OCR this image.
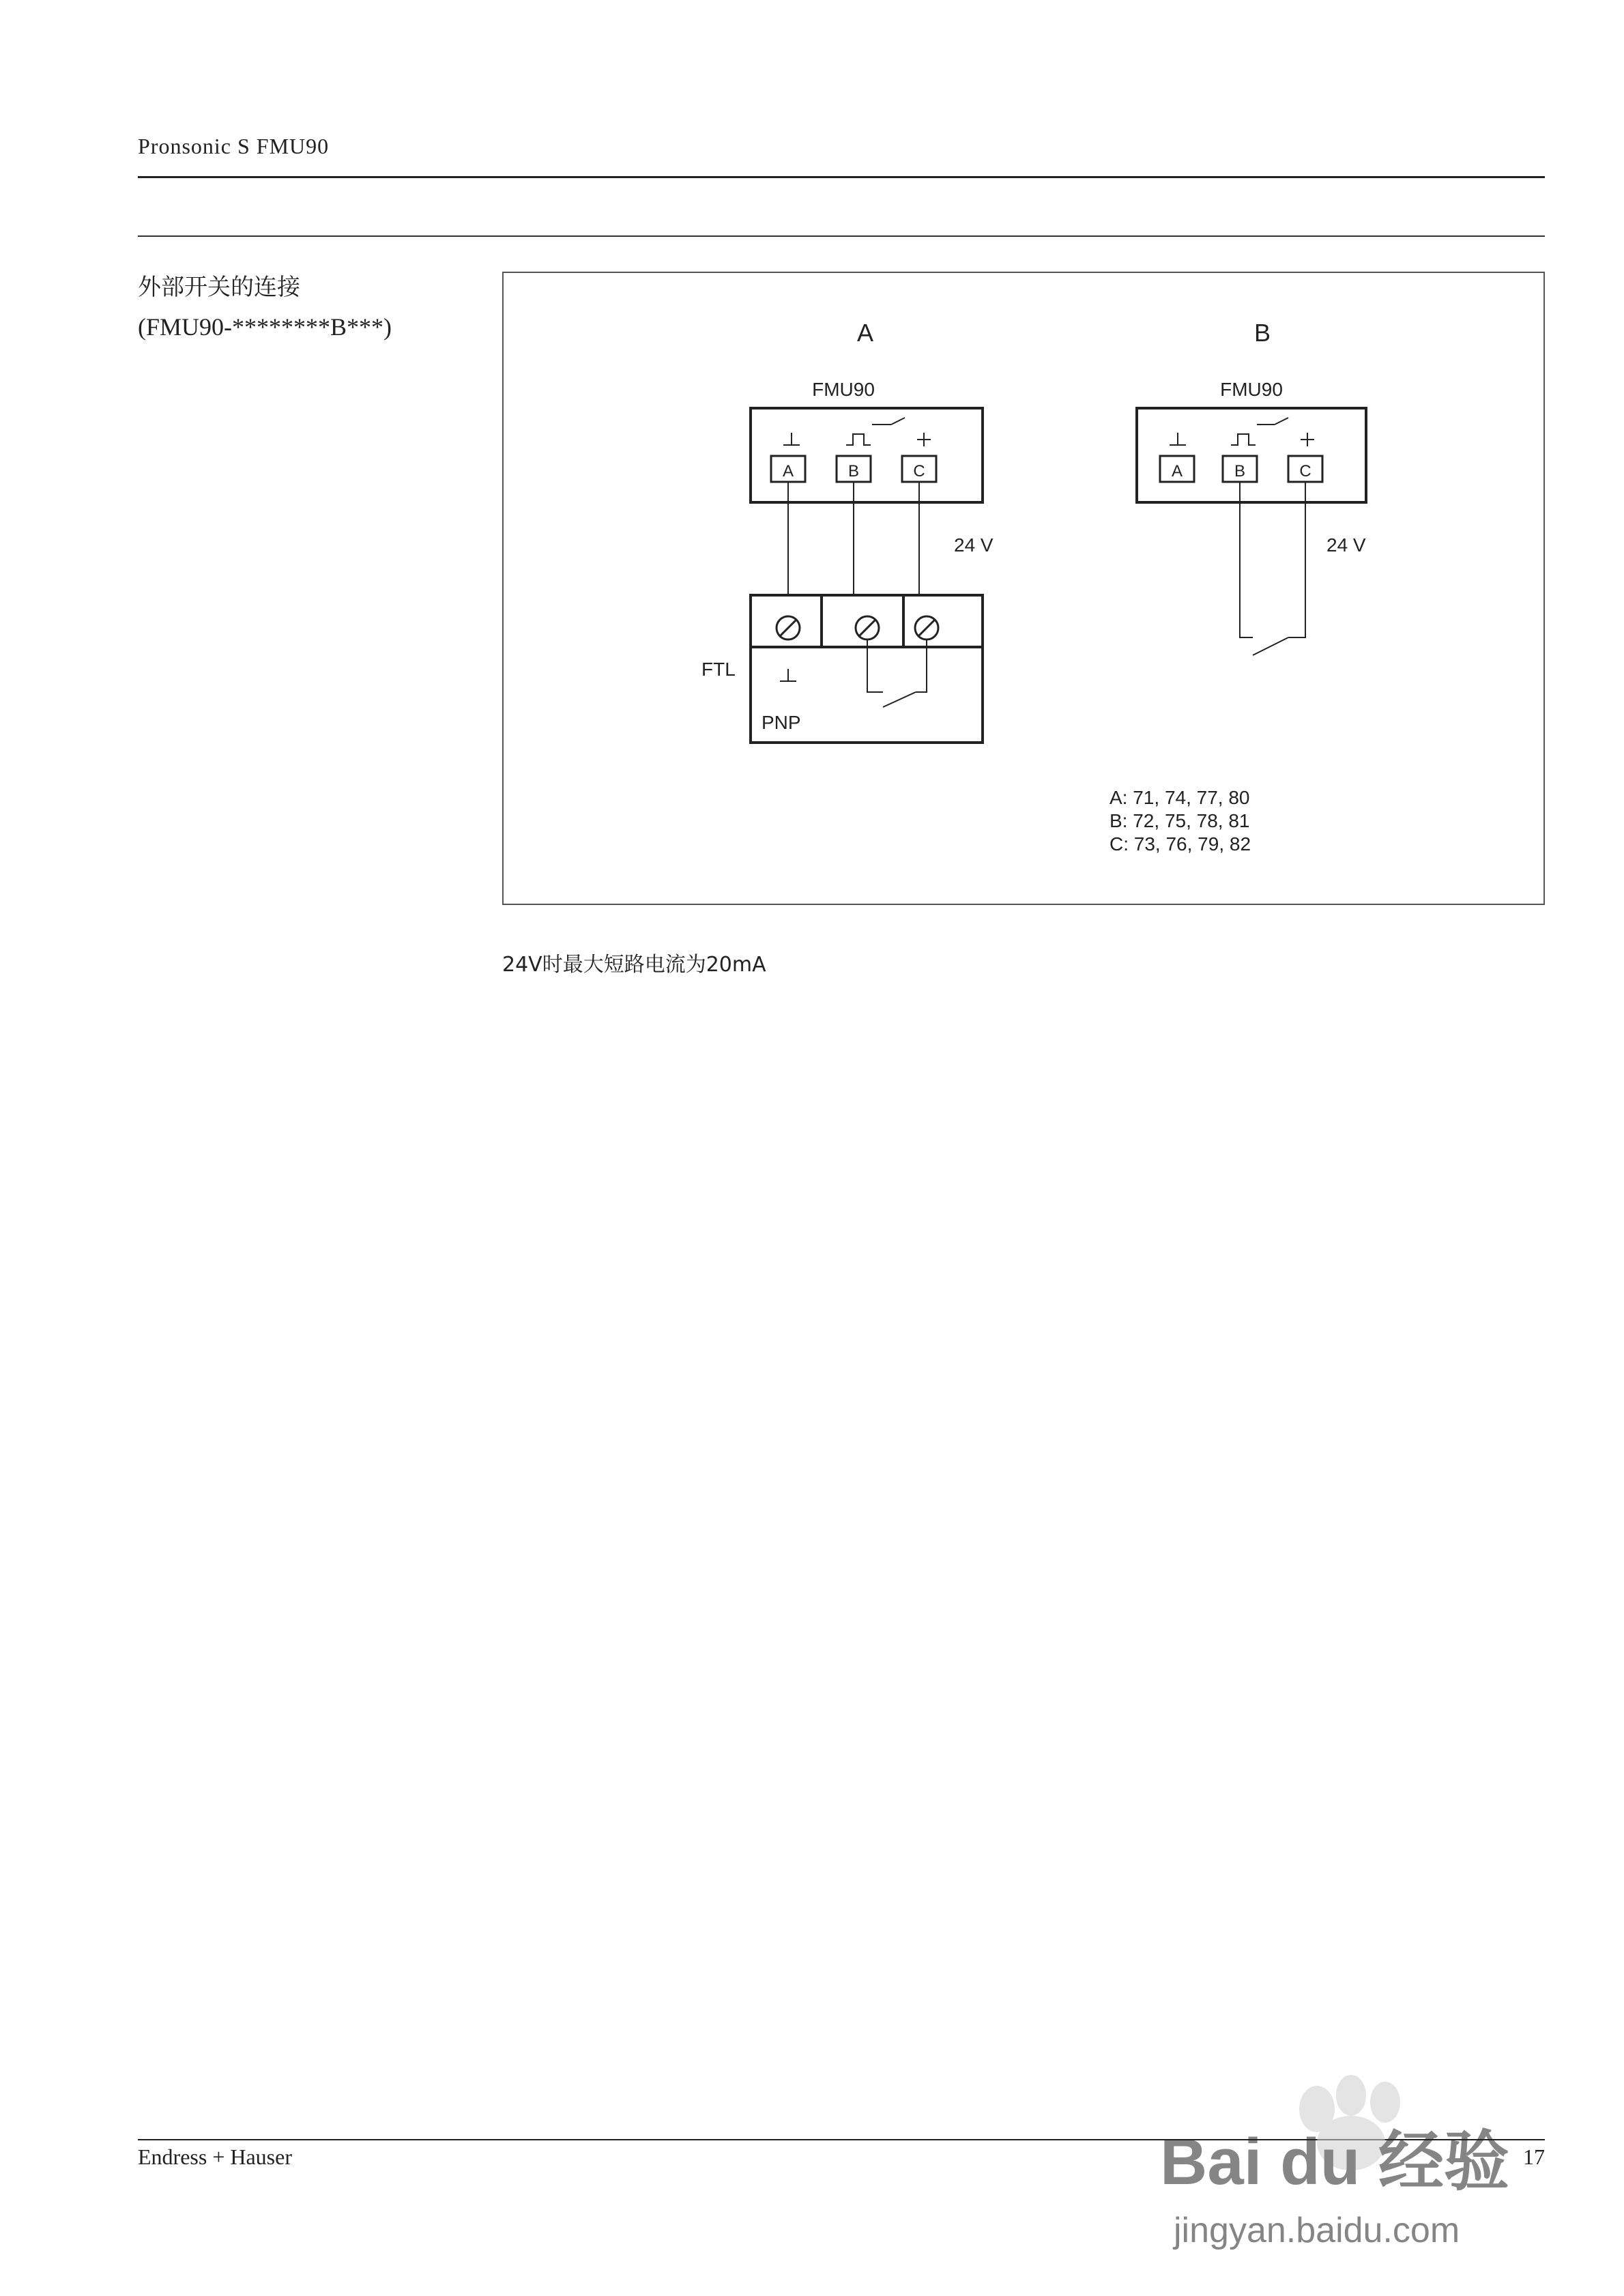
Pronsonic S FMU90
外部开关的连接
(FMU90-********B***)	A
FMU90
A	B	C
24 V
FTL
PNP
B
FMU90
A	B	C
24 V
A: 71, 74, 77, 80
B: 72, 75, 78, 81
C: 73, 76, 79, 82
24V时最大短路电流为20mA
Endress + Hauser	17
Bai du 经验
jingyan.baidu.com
